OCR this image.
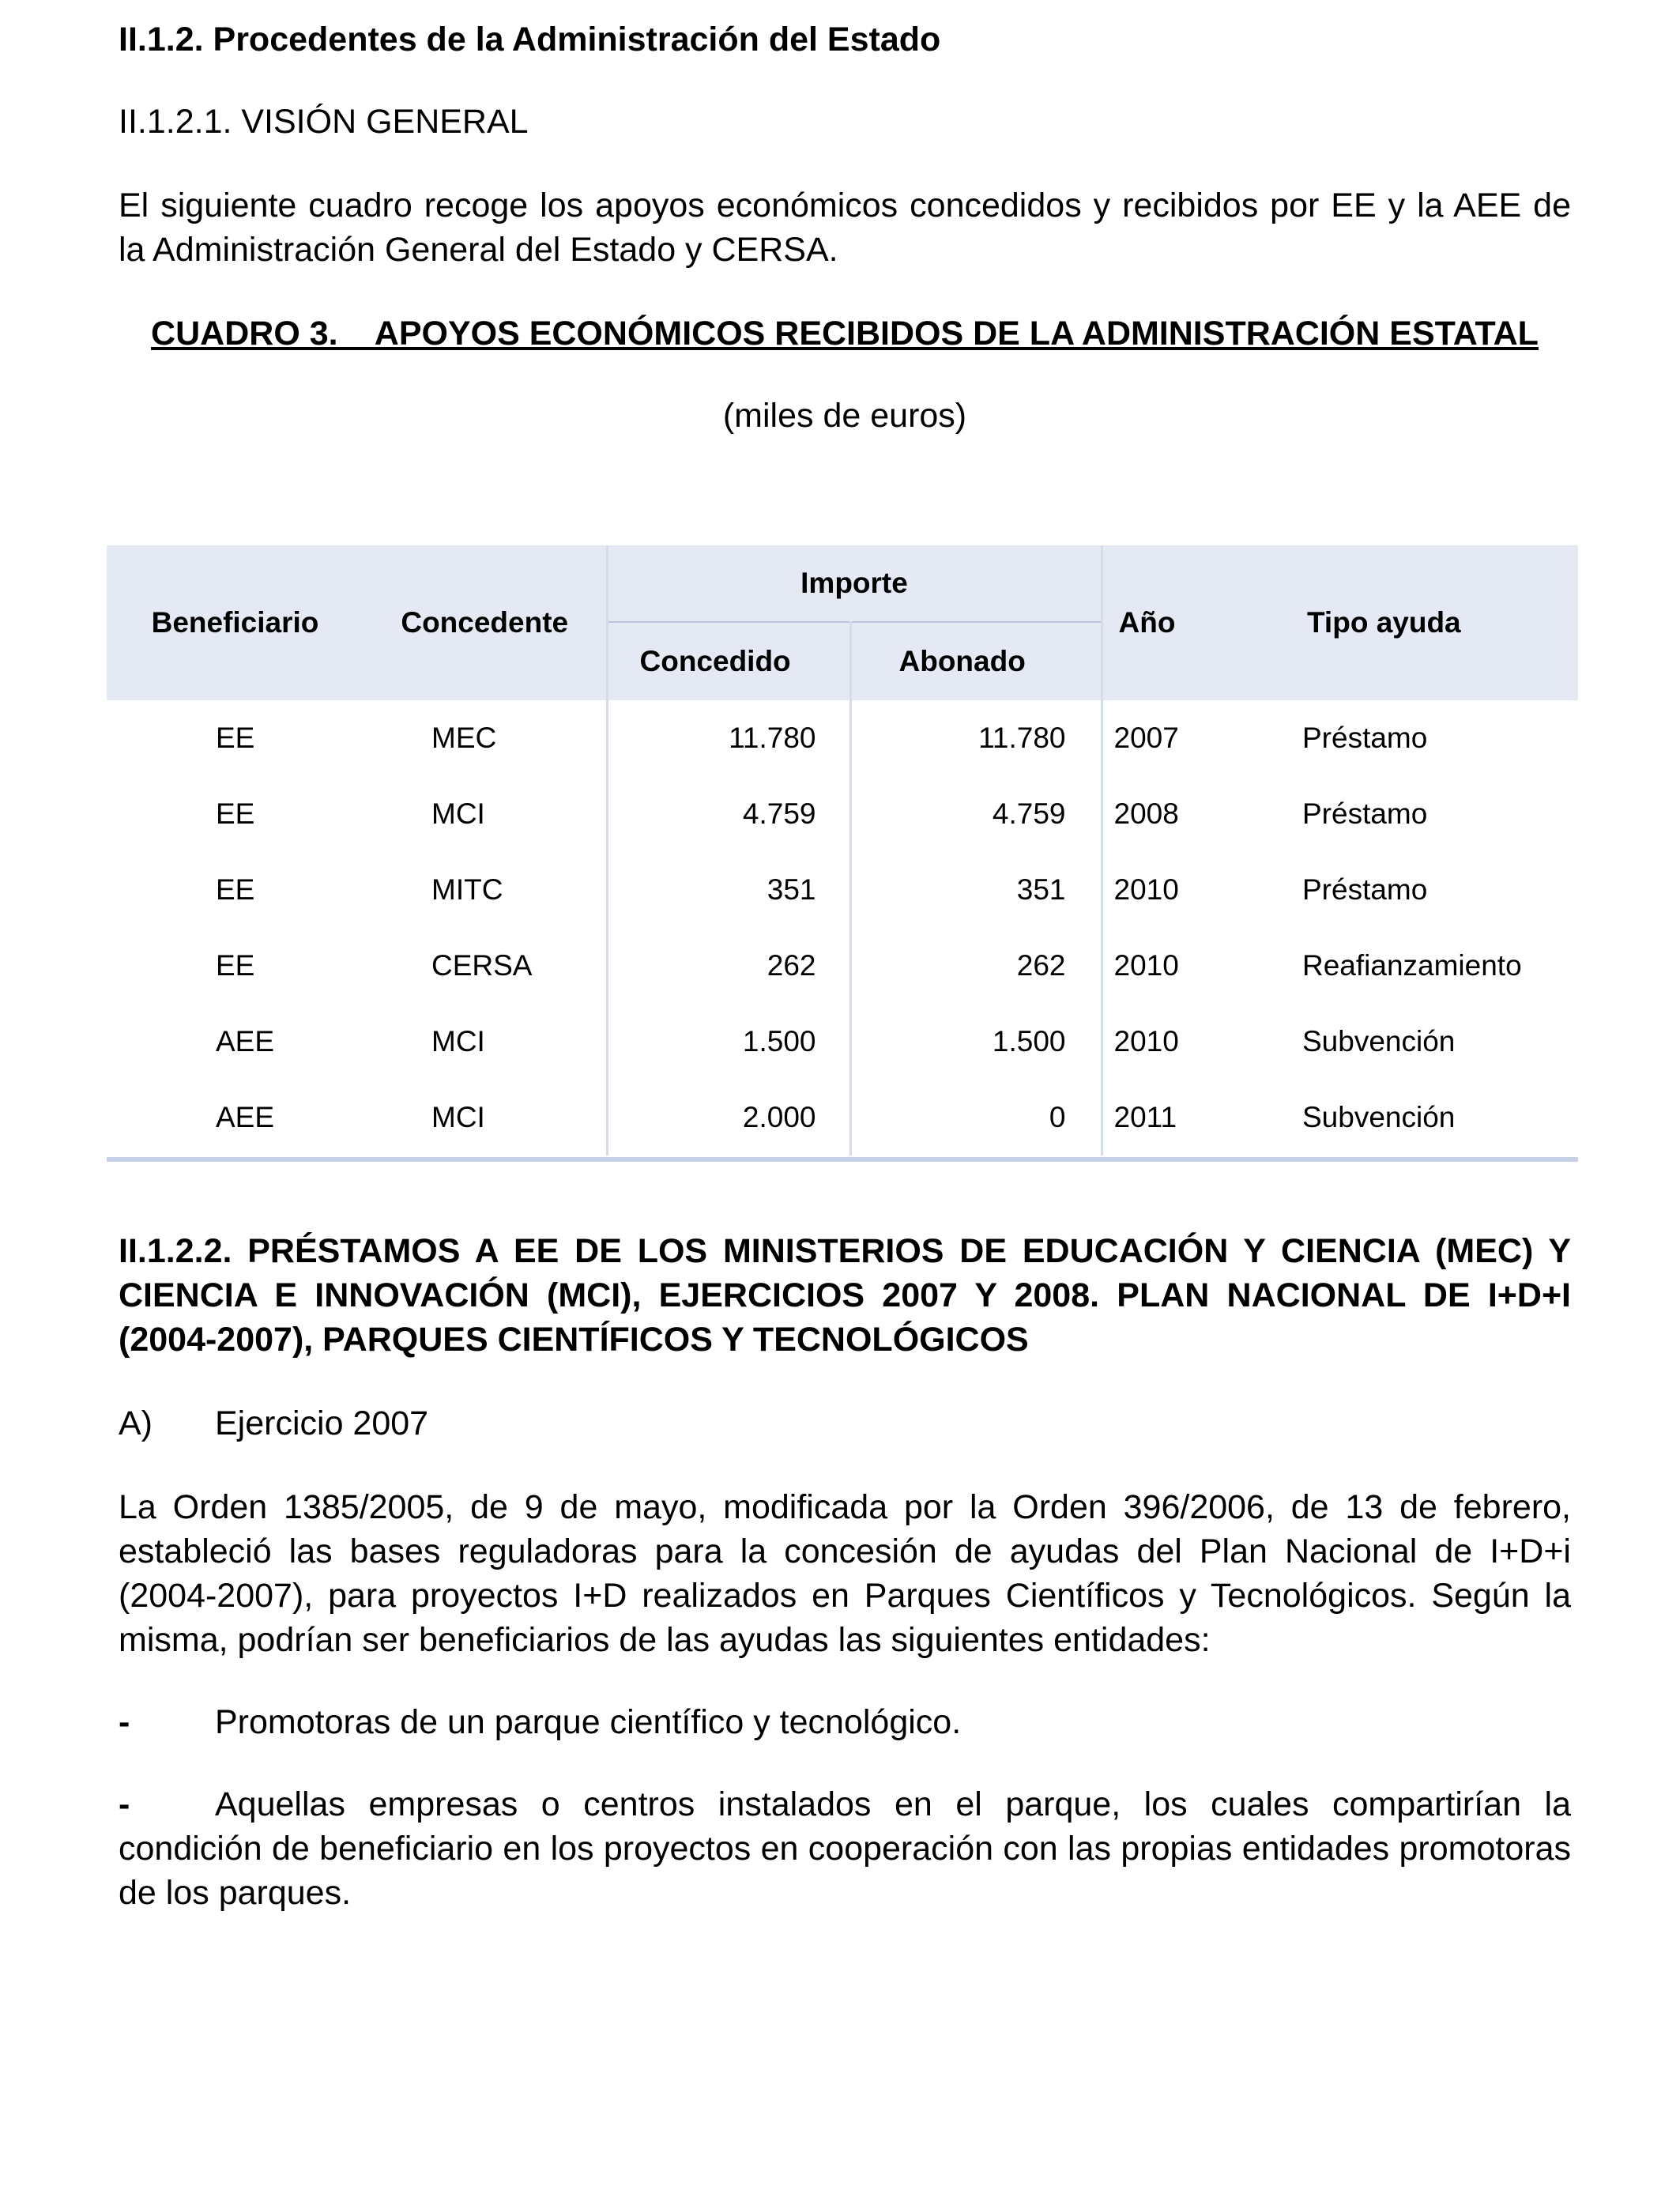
II.1.2. Procedentes de la Administración del Estado
II.1.2.1. VISIÓN GENERAL

El siguiente cuadro recoge los apoyos económicos concedidos y recibidos por EE y la AEE de la Administración General del Estado y CERSA.

CUADRO 3.    APOYOS ECONÓMICOS RECIBIDOS DE LA ADMINISTRACIÓN ESTATAL

(miles de euros)

Beneficiario	Concedente	Importe		Año	Tipo ayuda
		Concedido	Abonado		
EE	MEC	11.780	11.780	2007	Préstamo
EE	MCI	4.759	4.759	2008	Préstamo
EE	MITC	351	351	2010	Préstamo
EE	CERSA	262	262	2010	Reafianzamiento
AEE	MCI	1.500	1.500	2010	Subvención
AEE	MCI	2.000	0	2011	Subvención
II.1.2.2. PRÉSTAMOS A EE DE LOS MINISTERIOS DE EDUCACIÓN Y CIENCIA (MEC) Y CIENCIA E INNOVACIÓN (MCI), EJERCICIOS 2007 Y 2008. PLAN NACIONAL DE I+D+I (2004-2007), PARQUES CIENTÍFICOS Y TECNOLÓGICOS

A) Ejercicio 2007

La Orden 1385/2005, de 9 de mayo, modificada por la Orden 396/2006, de 13 de febrero, estableció las bases reguladoras para la concesión de ayudas del Plan Nacional de I+D+i (2004-2007), para proyectos I+D realizados en Parques Científicos y Tecnológicos. Según la misma, podrían ser beneficiarios de las ayudas las siguientes entidades:

-	Promotoras de un parque científico y tecnológico.

-	Aquellas empresas o centros instalados en el parque, los cuales compartirían la condición de beneficiario en los proyectos en cooperación con las propias entidades promotoras de los parques.
